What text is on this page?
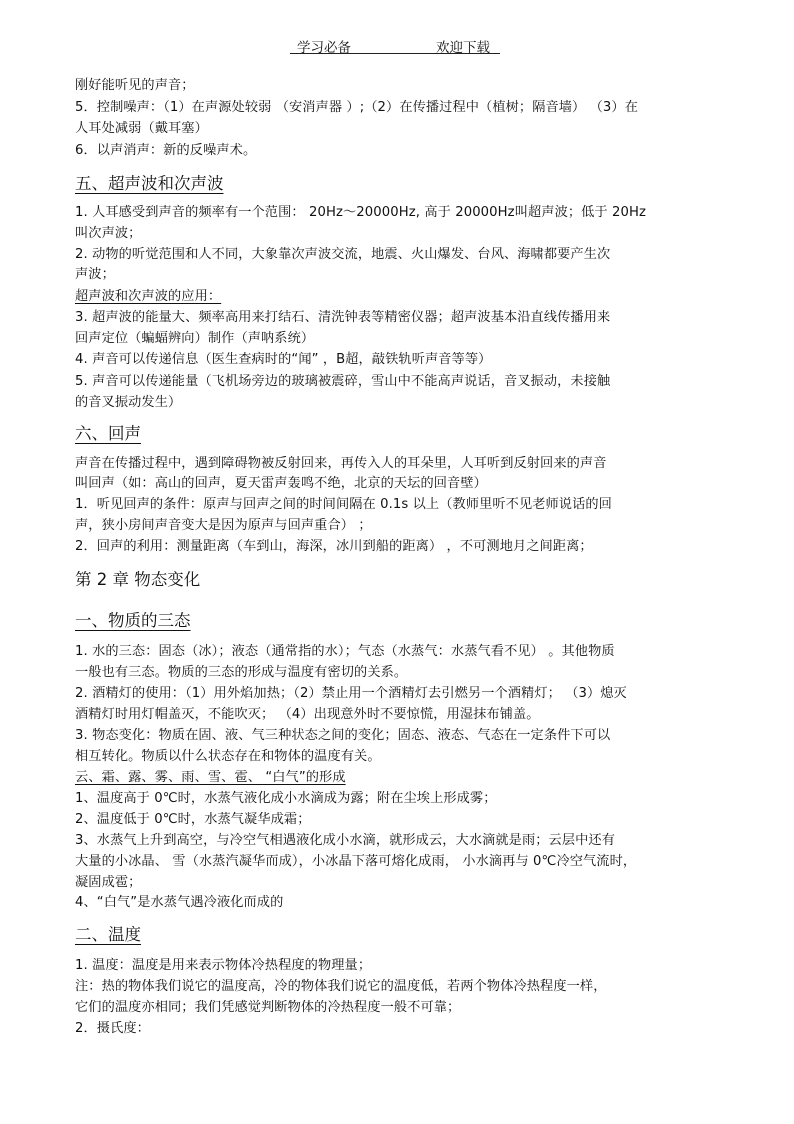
学习必备	欢迎下载
刚好能听见的声音；
5．控制噪声：（1）在声源处较弱 （安消声器 ）;（2）在传播过程中（植树；隔音墙） （3）在
人耳处减弱（戴耳塞）
6．以声消声：新的反噪声术。
五、超声波和次声波
1. 人耳感受到声音的频率有一个范围： 20Hz～20000Hz, 高于 20000Hz叫超声波；低于 20Hz
叫次声波；
2. 动物的听觉范围和人不同，大象靠次声波交流，地震、火山爆发、台风、海啸都要产生次
声波；
超声波和次声波的应用：
3. 超声波的能量大、频率高用来打结石、清洗钟表等精密仪器；超声波基本沿直线传播用来
回声定位（蝙蝠辨向）制作（声呐系统）
4. 声音可以传递信息（医生查病时的“闻” ，B超，敲铁轨听声音等等）
5. 声音可以传递能量（飞机场旁边的玻璃被震碎，雪山中不能高声说话，音叉振动，未接触
的音叉振动发生）
六、回声
声音在传播过程中，遇到障碍物被反射回来，再传入人的耳朵里，人耳听到反射回来的声音
叫回声（如：高山的回声，夏天雷声轰鸣不绝，北京的天坛的回音壁）
1．听见回声的条件：原声与回声之间的时间间隔在 0.1s 以上（教师里听不见老师说话的回
声，狭小房间声音变大是因为原声与回声重合） ；
2．回声的利用：测量距离（车到山，海深，冰川到船的距离） ，不可测地月之间距离；
第 2 章 物态变化
一、物质的三态
1. 水的三态：固态（冰）；液态（通常指的水）；气态（水蒸气：水蒸气看不见） 。其他物质
一般也有三态。物质的三态的形成与温度有密切的关系。
2. 酒精灯的使用：（1）用外焰加热；（2）禁止用一个酒精灯去引燃另一个酒精灯； （3）熄灭
酒精灯时用灯帽盖灭，不能吹灭； （4）出现意外时不要惊慌，用湿抹布铺盖。
3. 物态变化：物质在固、液、气三种状态之间的变化；固态、液态、气态在一定条件下可以
相互转化。物质以什么状态存在和物体的温度有关。
云、霜、露、雾、雨、雪、雹、 “白气”的形成
1、温度高于 0℃时，水蒸气液化成小水滴成为露；附在尘埃上形成雾；
2、温度低于 0℃时，水蒸气凝华成霜；
3、水蒸气上升到高空，与冷空气相遇液化成小水滴，就形成云，大水滴就是雨；云层中还有
大量的小冰晶、 雪（水蒸汽凝华而成），小冰晶下落可熔化成雨， 小水滴再与 0℃冷空气流时，
凝固成雹；
4、“白气”是水蒸气遇冷液化而成的
二、温度
1. 温度：温度是用来表示物体冷热程度的物理量；
注：热的物体我们说它的温度高，冷的物体我们说它的温度低，若两个物体冷热程度一样，
它们的温度亦相同；我们凭感觉判断物体的冷热程度一般不可靠；
2．摄氏度：
